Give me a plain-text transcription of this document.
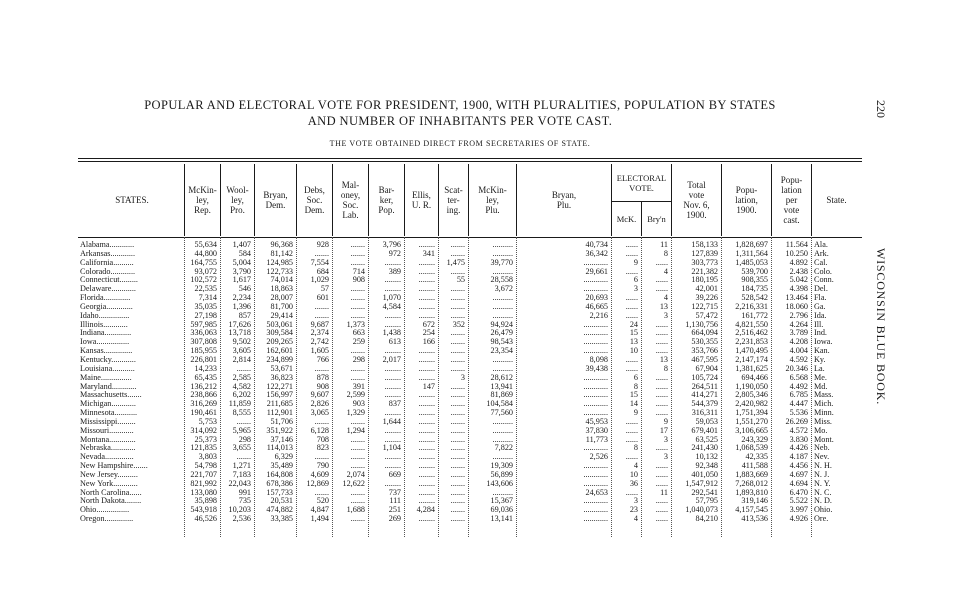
POPULAR AND ELECTORAL VOTE FOR PRESIDENT, 1900, WITH PLURALITIES, POPULATION BY STATES
AND NUMBER OF INHABITANTS PER VOTE CAST.
THE VOTE OBTAINED DIRECT FROM SECRETARIES OF STATE.
220
WISCONSIN BLUE BOOK.
STATES.
McKin-
ley,
Rep.
Wool-
ley,
Pro.
Bryan,
Dem.
Debs,
Soc.
Dem.
Mal-
oney,
Soc.
Lab.
Bar-
ker,
Pop.
Ellis,
U. R.
Scat-
ter-
ing.
McKin-
ley,
Plu.
Bryan,
Plu.
ELECTORAL
VOTE.
McK.	Bry'n
Total
vote
Nov. 6,
1900.
Popu-
lation,
1900.
Popu-
lation
per
vote
cast.
State.
Alabama............	55,634	1,407	96,368	928	.......	3,796	........	.......	..........	40,734	......	11	158,133	1,828,697	11.564 Ala.
Arkansas............	44,800	584	81,142	.......	.......	972	341	.......	..........	36,342	......	8	127,839	1,311,564	10.250 Ark.
California..........	164,755	5,004	124,985	7,554	.......	........	........	1,475	39,770	............	9	......	303,773	1,485,053	4.892 Cal.
Colorado............	93,072	3,790	122,733	684	714	389	........	.......	..........	29,661	......	4	221,382	539,700	2.438 Colo.
Connecticut.........	102,572	1,617	74,014	1,029	908	........	........	55	28,558	............	6	......	180,195	908,355	5.042 Conn.
Delaware............	22,535	546	18,863	57	.......	........	........	.......	3,672	............	3	......	42,001	184,735	4.398 Del.
Florida.............	7,314	2,234	28,007	601	.......	1,070	........	.......	..........	20,693	......	4	39,226	528,542	13.464 Fla.
Georgia.............	35,035	1,396	81,700	.......	.......	4,584	........	.......	..........	46,665	......	13	122,715	2,216,331	18.060 Ga.
Idaho...............	27,198	857	29,414	.......	.......	........	........	.......	..........	2,216	......	3	57,472	161,772	2.796 Ida.
Illinois............	597,985	17,626	503,061	9,687	1,373	........	672	352	94,924	............	24	......	1,130,756	4,821,550	4.264 Ill.
Indiana.............	336,063	13,718	309,584	2,374	663	1,438	254	.......	26,479	............	15	......	664,094	2,516,462	3.789 Ind.
Iowa................	307,808	9,502	209,265	2,742	259	613	166	.......	98,543	............	13	......	530,355	2,231,853	4.208 Iowa.
Kansas..............	185,955	3,605	162,601	1,605	.......	........	........	.......	23,354	............	10	......	353,766	1,470,495	4.004 Kan.
Kentucky............	226,801	2,814	234,899	766	298	2,017	........	.......	..........	8,098	......	13	467,595	2,147,174	4.592 Ky.
Louisiana...........	14,233	.......	53,671	.......	.......	........	........	.......	..........	39,438	......	8	67,904	1,381,625	20.346 La.
Maine...............	65,435	2,585	36,823	878	.......	........	........	3	28,612	............	6	......	105,724	694,466	6.568 Me.
Maryland............	136,212	4,582	122,271	908	391	........	147	.......	13,941	............	8	......	264,511	1,190,050	4.492 Md.
Massachusetts.......	238,866	6,202	156,997	9,607	2,599	........	........	.......	81,869	............	15	......	414,271	2,805,346	6.785 Mass.
Michigan............	316,269	11,859	211,685	2,826	903	837	........	.......	104,584	............	14	......	544,379	2,420,982	4.447 Mich.
Minnesota...........	190,461	8,555	112,901	3,065	1,329	........	........	.......	77,560	............	9	......	316,311	1,751,394	5.536 Minn.
Mississippi.........	5,753	.......	51,706	.......	.......	1,644	........	.......	..........	45,953	......	9	59,053	1,551,270	26.269 Miss.
Missouri............	314,092	5,965	351,922	6,128	1,294	........	........	.......	..........	37,830	......	17	679,401	3,106,665	4.572 Mo.
Montana.............	25,373	298	37,146	708	.......	........	........	.......	..........	11,773	......	3	63,525	243,329	3.830 Mont.
Nebraska............	121,835	3,655	114,013	823	.......	1,104	........	.......	7,822	............	8	......	241,430	1,068,539	4.426 Neb.
Nevada..............	3,803	.......	6,329	.......	.......	........	........	.......	..........	2,526	......	3	10,132	42,335	4.187 Nev.
New Hampshire.......	54,798	1,271	35,489	790	.......	........	........	.......	19,309	............	4	......	92,348	411,588	4.456 N. H.
New Jersey..........	221,707	7,183	164,808	4,609	2,074	669	........	.......	56,899	............	10	......	401,050	1,883,669	4.697 N. J.
New York............	821,992	22,043	678,386	12,869	12,622	........	........	.......	143,606	............	36	......	1,547,912	7,268,012	4.694 N. Y.
North Carolina......	133,080	991	157,733	.......	.......	737	........	.......	..........	24,653	......	11	292,541	1,893,810	6.470 N. C.
North Dakota........	35,898	735	20,531	520	.......	111	........	.......	15,367	............	3	......	57,795	319,146	5.522 N. D.
Ohio................	543,918	10,203	474,882	4,847	1,688	251	4,284	.......	69,036	............	23	......	1,040,073	4,157,545	3.997 Ohio.
Oregon..............	46,526	2,536	33,385	1,494	.......	269	........	.......	13,141	............	4	......	84,210	413,536	4.926 Ore.
